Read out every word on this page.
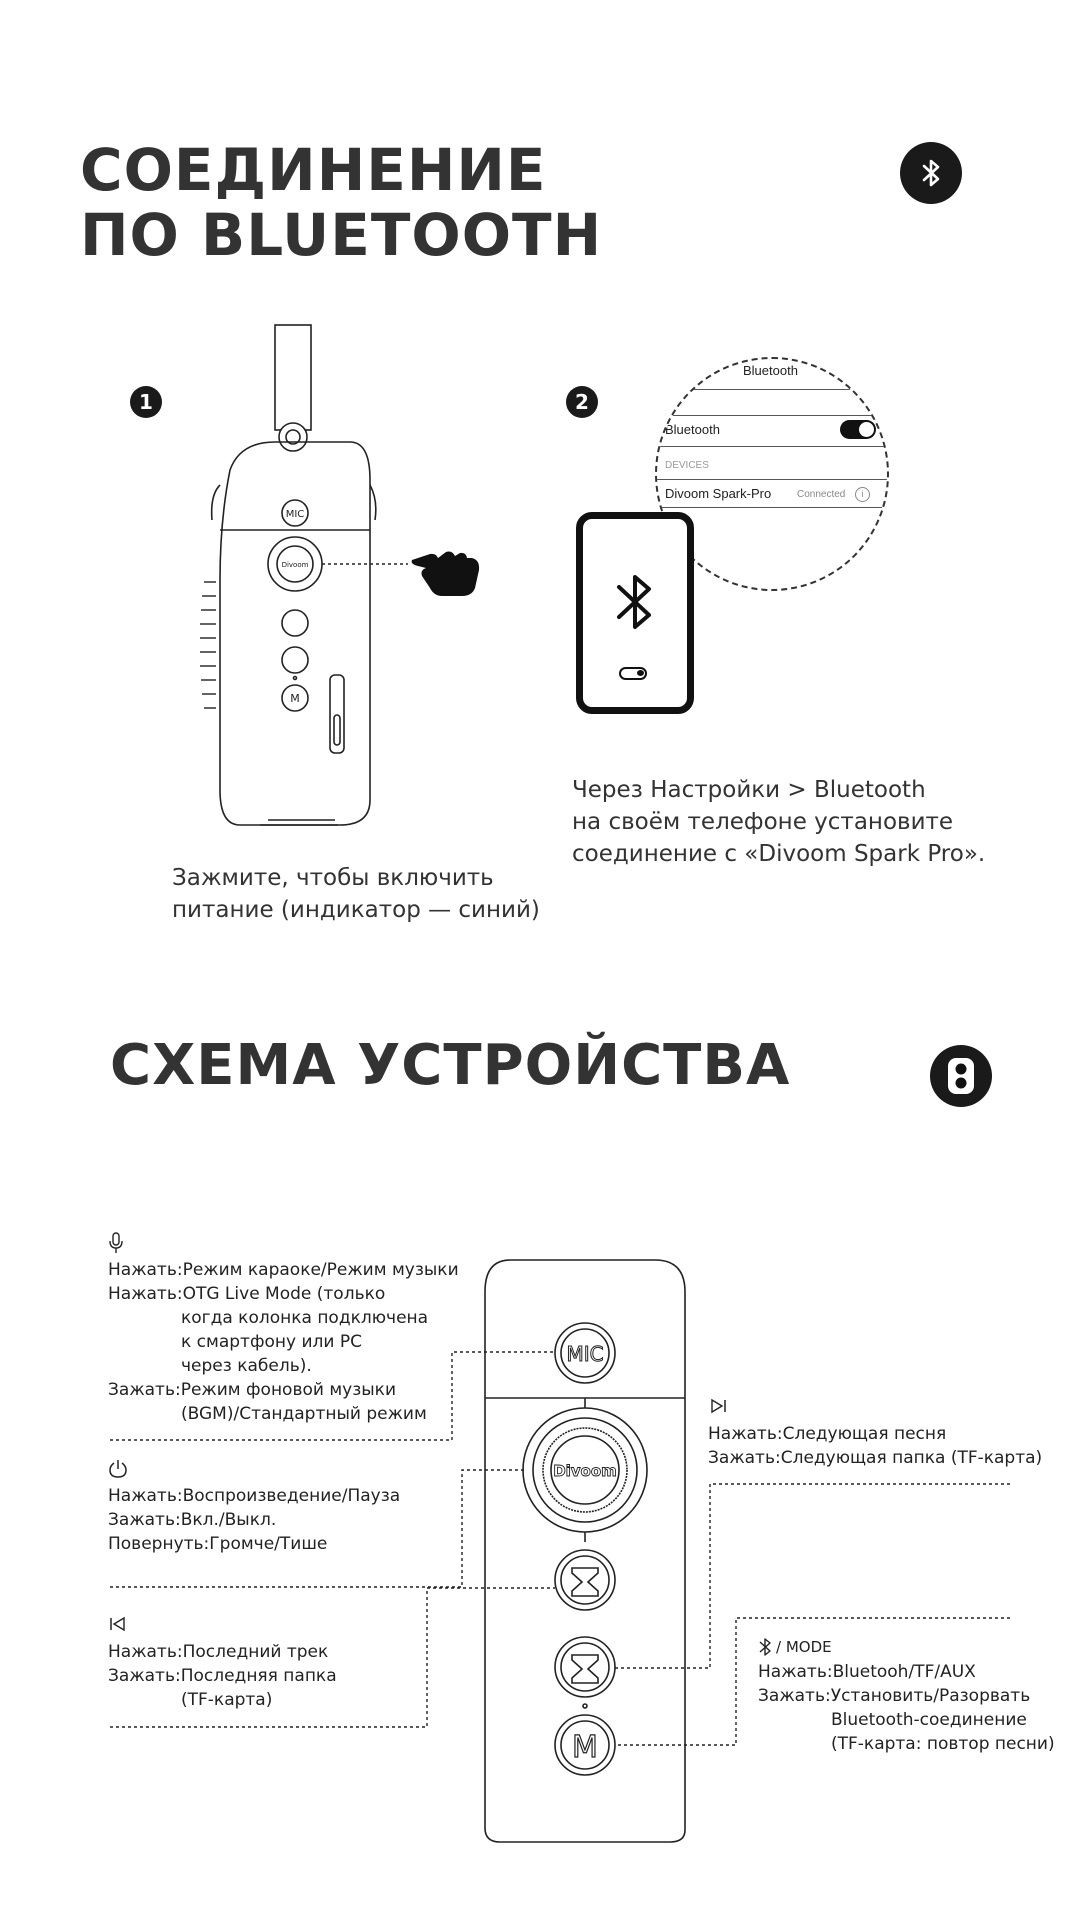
СОЕДИНЕНИЕ
ПО BLUETOOTH
1
MIC
Divoom
M
Зажмите, чтобы включить
питание (индикатор — синий)
2
Bluetooth
Bluetooth
DEVICES
Divoom Spark-Pro	Connected	i
Через Настройки > Bluetooth
на своём телефоне установите
соединение с «Divoom Spark Pro».
СХЕМА УСТРОЙСТВА
MIC
Divoom
M
Нажать: Режим караоке/Режим музыки
Нажать: OTG Live Mode (только
когда колонка подключена
к смартфону или PC
через кабель).
Зажать: Режим фоновой музыки
(BGM)/Стандартный режим
Нажать: Воспроизведение/Пауза
Зажать: Вкл./Выкл.
Повернуть: Громче/Тише
Нажать: Последний трек
Зажать: Последняя папка
(TF-карта)
Нажать: Следующая песня
Зажать: Следующая папка (TF-карта)
/ MODE
Нажать: Bluetooh/TF/AUX
Зажать: Установить/Разорвать
Bluetooth-соединение
(TF-карта: повтор песни)
